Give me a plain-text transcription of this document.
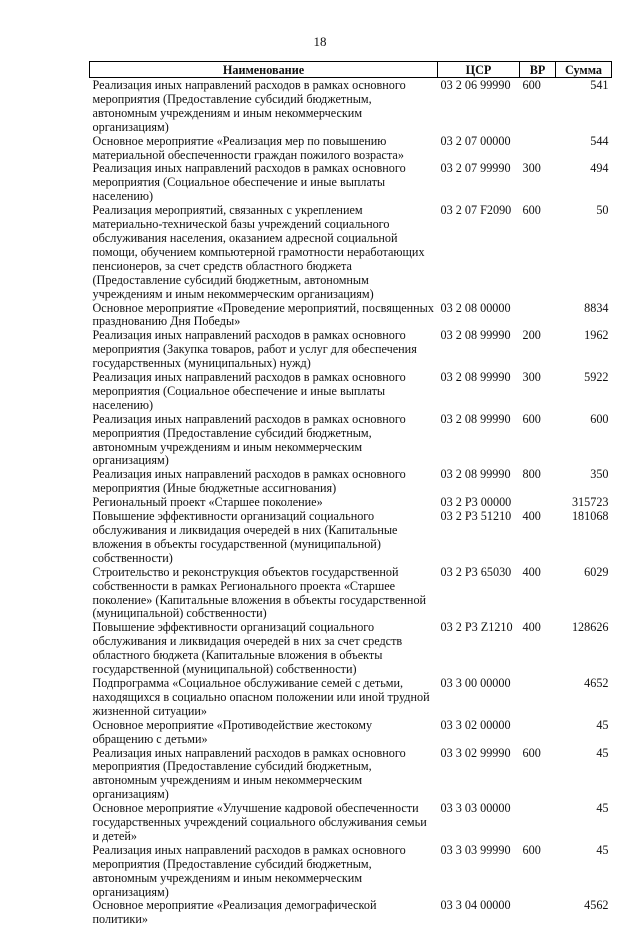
18
Наименование	ЦСР	ВР	Сумма
Реализация иных направлений расходов в рамках основного мероприятия (Предоставление субсидий бюджетным, автономным учреждениям и иным некоммерческим организациям)	03 2 06 99990	600	541
Основное мероприятие «Реализация мер по повышению материальной обеспеченности граждан пожилого возраста»	03 2 07 00000		544
Реализация иных направлений расходов в рамках основного мероприятия (Социальное обеспечение и иные выплаты населению)	03 2 07 99990	300	494
Реализация мероприятий, связанных с укреплением материально-технической базы учреждений социального обслуживания населения, оказанием адресной социальной помощи, обучением компьютерной грамотности неработающих пенсионеров, за счет средств областного бюджета (Предоставление субсидий бюджетным, автономным учреждениям и иным некоммерческим организациям)	03 2 07 F2090	600	50
Основное мероприятие «Проведение мероприятий, посвященных празднованию Дня Победы»	03 2 08 00000		8834
Реализация иных направлений расходов в рамках основного мероприятия (Закупка товаров, работ и услуг для обеспечения государственных (муниципальных) нужд)	03 2 08 99990	200	1962
Реализация иных направлений расходов в рамках основного мероприятия (Социальное обеспечение и иные выплаты населению)	03 2 08 99990	300	5922
Реализация иных направлений расходов в рамках основного мероприятия (Предоставление субсидий бюджетным, автономным учреждениям и иным некоммерческим организациям)	03 2 08 99990	600	600
Реализация иных направлений расходов в рамках основного мероприятия (Иные бюджетные ассигнования)	03 2 08 99990	800	350
Региональный проект «Старшее поколение»	03 2 P3 00000		315723
Повышение эффективности организаций социального обслуживания и ликвидация очередей в них (Капитальные вложения в объекты государственной (муниципальной) собственности)	03 2 P3 51210	400	181068
Строительство и реконструкция объектов государственной собственности в рамках Регионального проекта «Старшее поколение» (Капитальные вложения в объекты государственной (муниципальной) собственности)	03 2 P3 65030	400	6029
Повышение эффективности организаций социального обслуживания и ликвидация очередей в них за счет средств областного бюджета (Капитальные вложения в объекты государственной (муниципальной) собственности)	03 2 P3 Z1210	400	128626
Подпрограмма «Социальное обслуживание семей с детьми, находящихся в социально опасном положении или иной трудной жизненной ситуации»	03 3 00 00000		4652
Основное мероприятие «Противодействие жестокому обращению с детьми»	03 3 02 00000		45
Реализация иных направлений расходов в рамках основного мероприятия (Предоставление субсидий бюджетным, автономным учреждениям и иным некоммерческим организациям)	03 3 02 99990	600	45
Основное мероприятие «Улучшение кадровой обеспеченности государственных учреждений социального обслуживания семьи и детей»	03 3 03 00000		45
Реализация иных направлений расходов в рамках основного мероприятия (Предоставление субсидий бюджетным, автономным учреждениям и иным некоммерческим организациям)	03 3 03 99990	600	45
Основное мероприятие «Реализация демографической политики»	03 3 04 00000		4562
